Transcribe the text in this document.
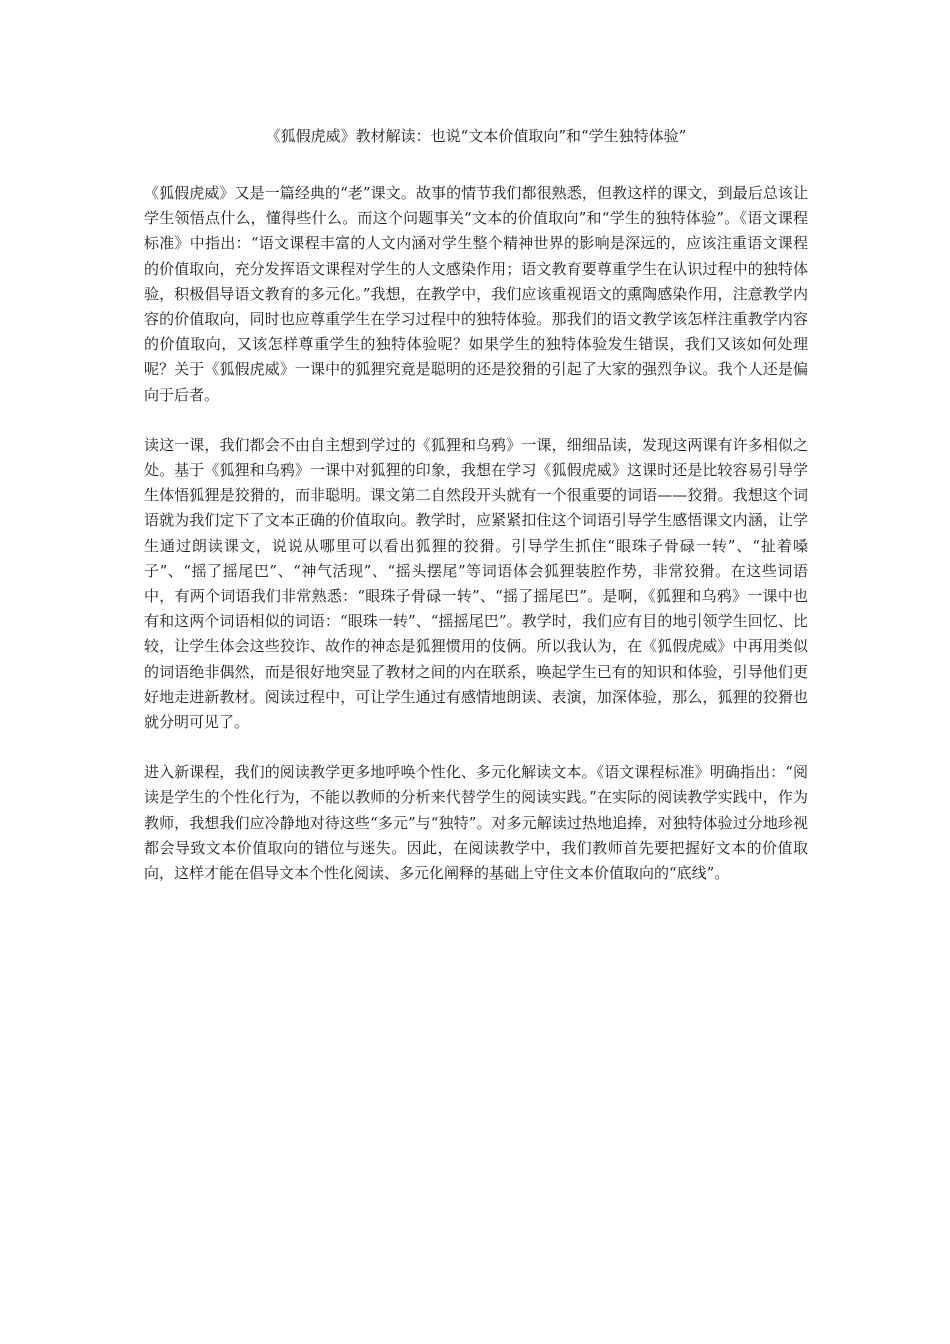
《狐假虎威》教材解读：也说“文本价值取向”和“学生独特体验”

《狐假虎威》又是一篇经典的“老”课文。故事的情节我们都很熟悉，但教这样的课文，到最后总该让学生领悟点什么，懂得些什么。而这个问题事关“文本的价值取向”和“学生的独特体验”。《语文课程标准》中指出：“语文课程丰富的人文内涵对学生整个精神世界的影响是深远的，应该注重语文课程的价值取向，充分发挥语文课程对学生的人文感染作用；语文教育要尊重学生在认识过程中的独特体验，积极倡导语文教育的多元化。”我想，在教学中，我们应该重视语文的熏陶感染作用，注意教学内容的价值取向，同时也应尊重学生在学习过程中的独特体验。那我们的语文教学该怎样注重教学内容的价值取向，又该怎样尊重学生的独特体验呢？如果学生的独特体验发生错误，我们又该如何处理呢？关于《狐假虎威》一课中的狐狸究竟是聪明的还是狡猾的引起了大家的强烈争议。我个人还是偏向于后者。

读这一课，我们都会不由自主想到学过的《狐狸和乌鸦》一课，细细品读，发现这两课有许多相似之处。基于《狐狸和乌鸦》一课中对狐狸的印象，我想在学习《狐假虎威》这课时还是比较容易引导学生体悟狐狸是狡猾的，而非聪明。课文第二自然段开头就有一个很重要的词语——狡猾。我想这个词语就为我们定下了文本正确的价值取向。教学时，应紧紧扣住这个词语引导学生感悟课文内涵，让学生通过朗读课文，说说从哪里可以看出狐狸的狡猾。引导学生抓住“眼珠子骨碌一转”、“扯着嗓子”、“摇了摇尾巴”、“神气活现”、“摇头摆尾”等词语体会狐狸装腔作势，非常狡猾。在这些词语中，有两个词语我们非常熟悉：“眼珠子骨碌一转”、“摇了摇尾巴”。是啊，《狐狸和乌鸦》一课中也有和这两个词语相似的词语：“眼珠一转”、“摇摇尾巴”。教学时，我们应有目的地引领学生回忆、比较，让学生体会这些狡诈、故作的神态是狐狸惯用的伎俩。所以我认为，在《狐假虎威》中再用类似的词语绝非偶然，而是很好地突显了教材之间的内在联系，唤起学生已有的知识和体验，引导他们更好地走进新教材。阅读过程中，可让学生通过有感情地朗读、表演，加深体验，那么，狐狸的狡猾也就分明可见了。

进入新课程，我们的阅读教学更多地呼唤个性化、多元化解读文本。《语文课程标准》明确指出：“阅读是学生的个性化行为，不能以教师的分析来代替学生的阅读实践。”在实际的阅读教学实践中，作为教师，我想我们应冷静地对待这些“多元”与“独特”。对多元解读过热地追捧，对独特体验过分地珍视都会导致文本价值取向的错位与迷失。因此，在阅读教学中，我们教师首先要把握好文本的价值取向，这样才能在倡导文本个性化阅读、多元化阐释的基础上守住文本价值取向的“底线”。
